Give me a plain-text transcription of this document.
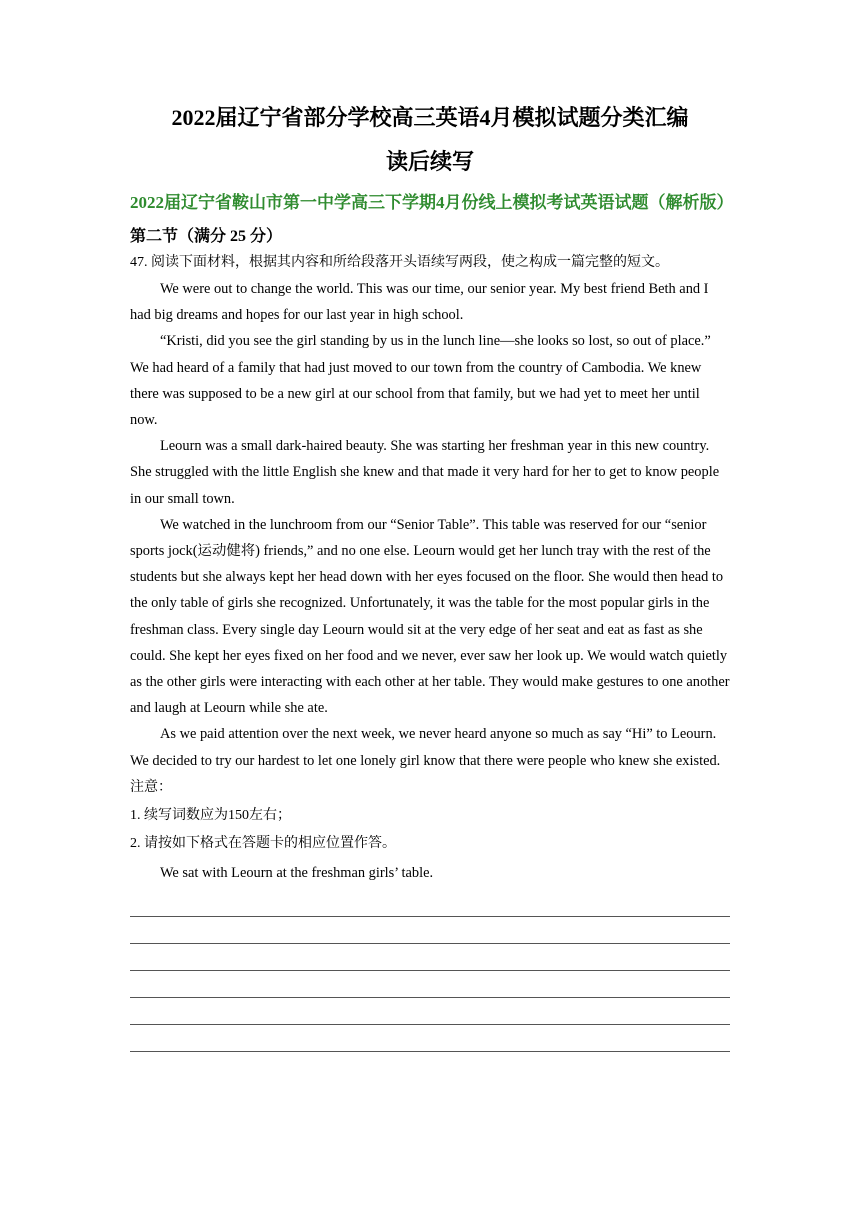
2022届辽宁省部分学校高三英语4月模拟试题分类汇编
读后续写

2022届辽宁省鞍山市第一中学高三下学期4月份线上模拟考试英语试题（解析版）

第二节（满分 25 分）

47. 阅读下面材料，根据其内容和所给段落开头语续写两段，使之构成一篇完整的短文。

We were out to change the world. This was our time, our senior year. My best friend Beth and I had big dreams and hopes for our last year in high school.

“Kristi, did you see the girl standing by us in the lunch line—she looks so lost, so out of place.” We had heard of a family that had just moved to our town from the country of Cambodia. We knew there was supposed to be a new girl at our school from that family, but we had yet to meet her until now.

Leourn was a small dark-haired beauty. She was starting her freshman year in this new country. She struggled with the little English she knew and that made it very hard for her to get to know people in our small town.

We watched in the lunchroom from our “Senior Table”. This table was reserved for our “senior sports jock(运动健将) friends,” and no one else. Leourn would get her lunch tray with the rest of the students but she always kept her head down with her eyes focused on the floor. She would then head to the only table of girls she recognized. Unfortunately, it was the table for the most popular girls in the freshman class. Every single day Leourn would sit at the very edge of her seat and eat as fast as she could. She kept her eyes fixed on her food and we never, ever saw her look up. We would watch quietly as the other girls were interacting with each other at her table. They would make gestures to one another and laugh at Leourn while she ate.

As we paid attention over the next week, we never heard anyone so much as say “Hi” to Leourn. We decided to try our hardest to let one lonely girl know that there were people who knew she existed.

注意：

1. 续写词数应为150左右；

2. 请按如下格式在答题卡的相应位置作答。

We sat with Leourn at the freshman girls’ table.
